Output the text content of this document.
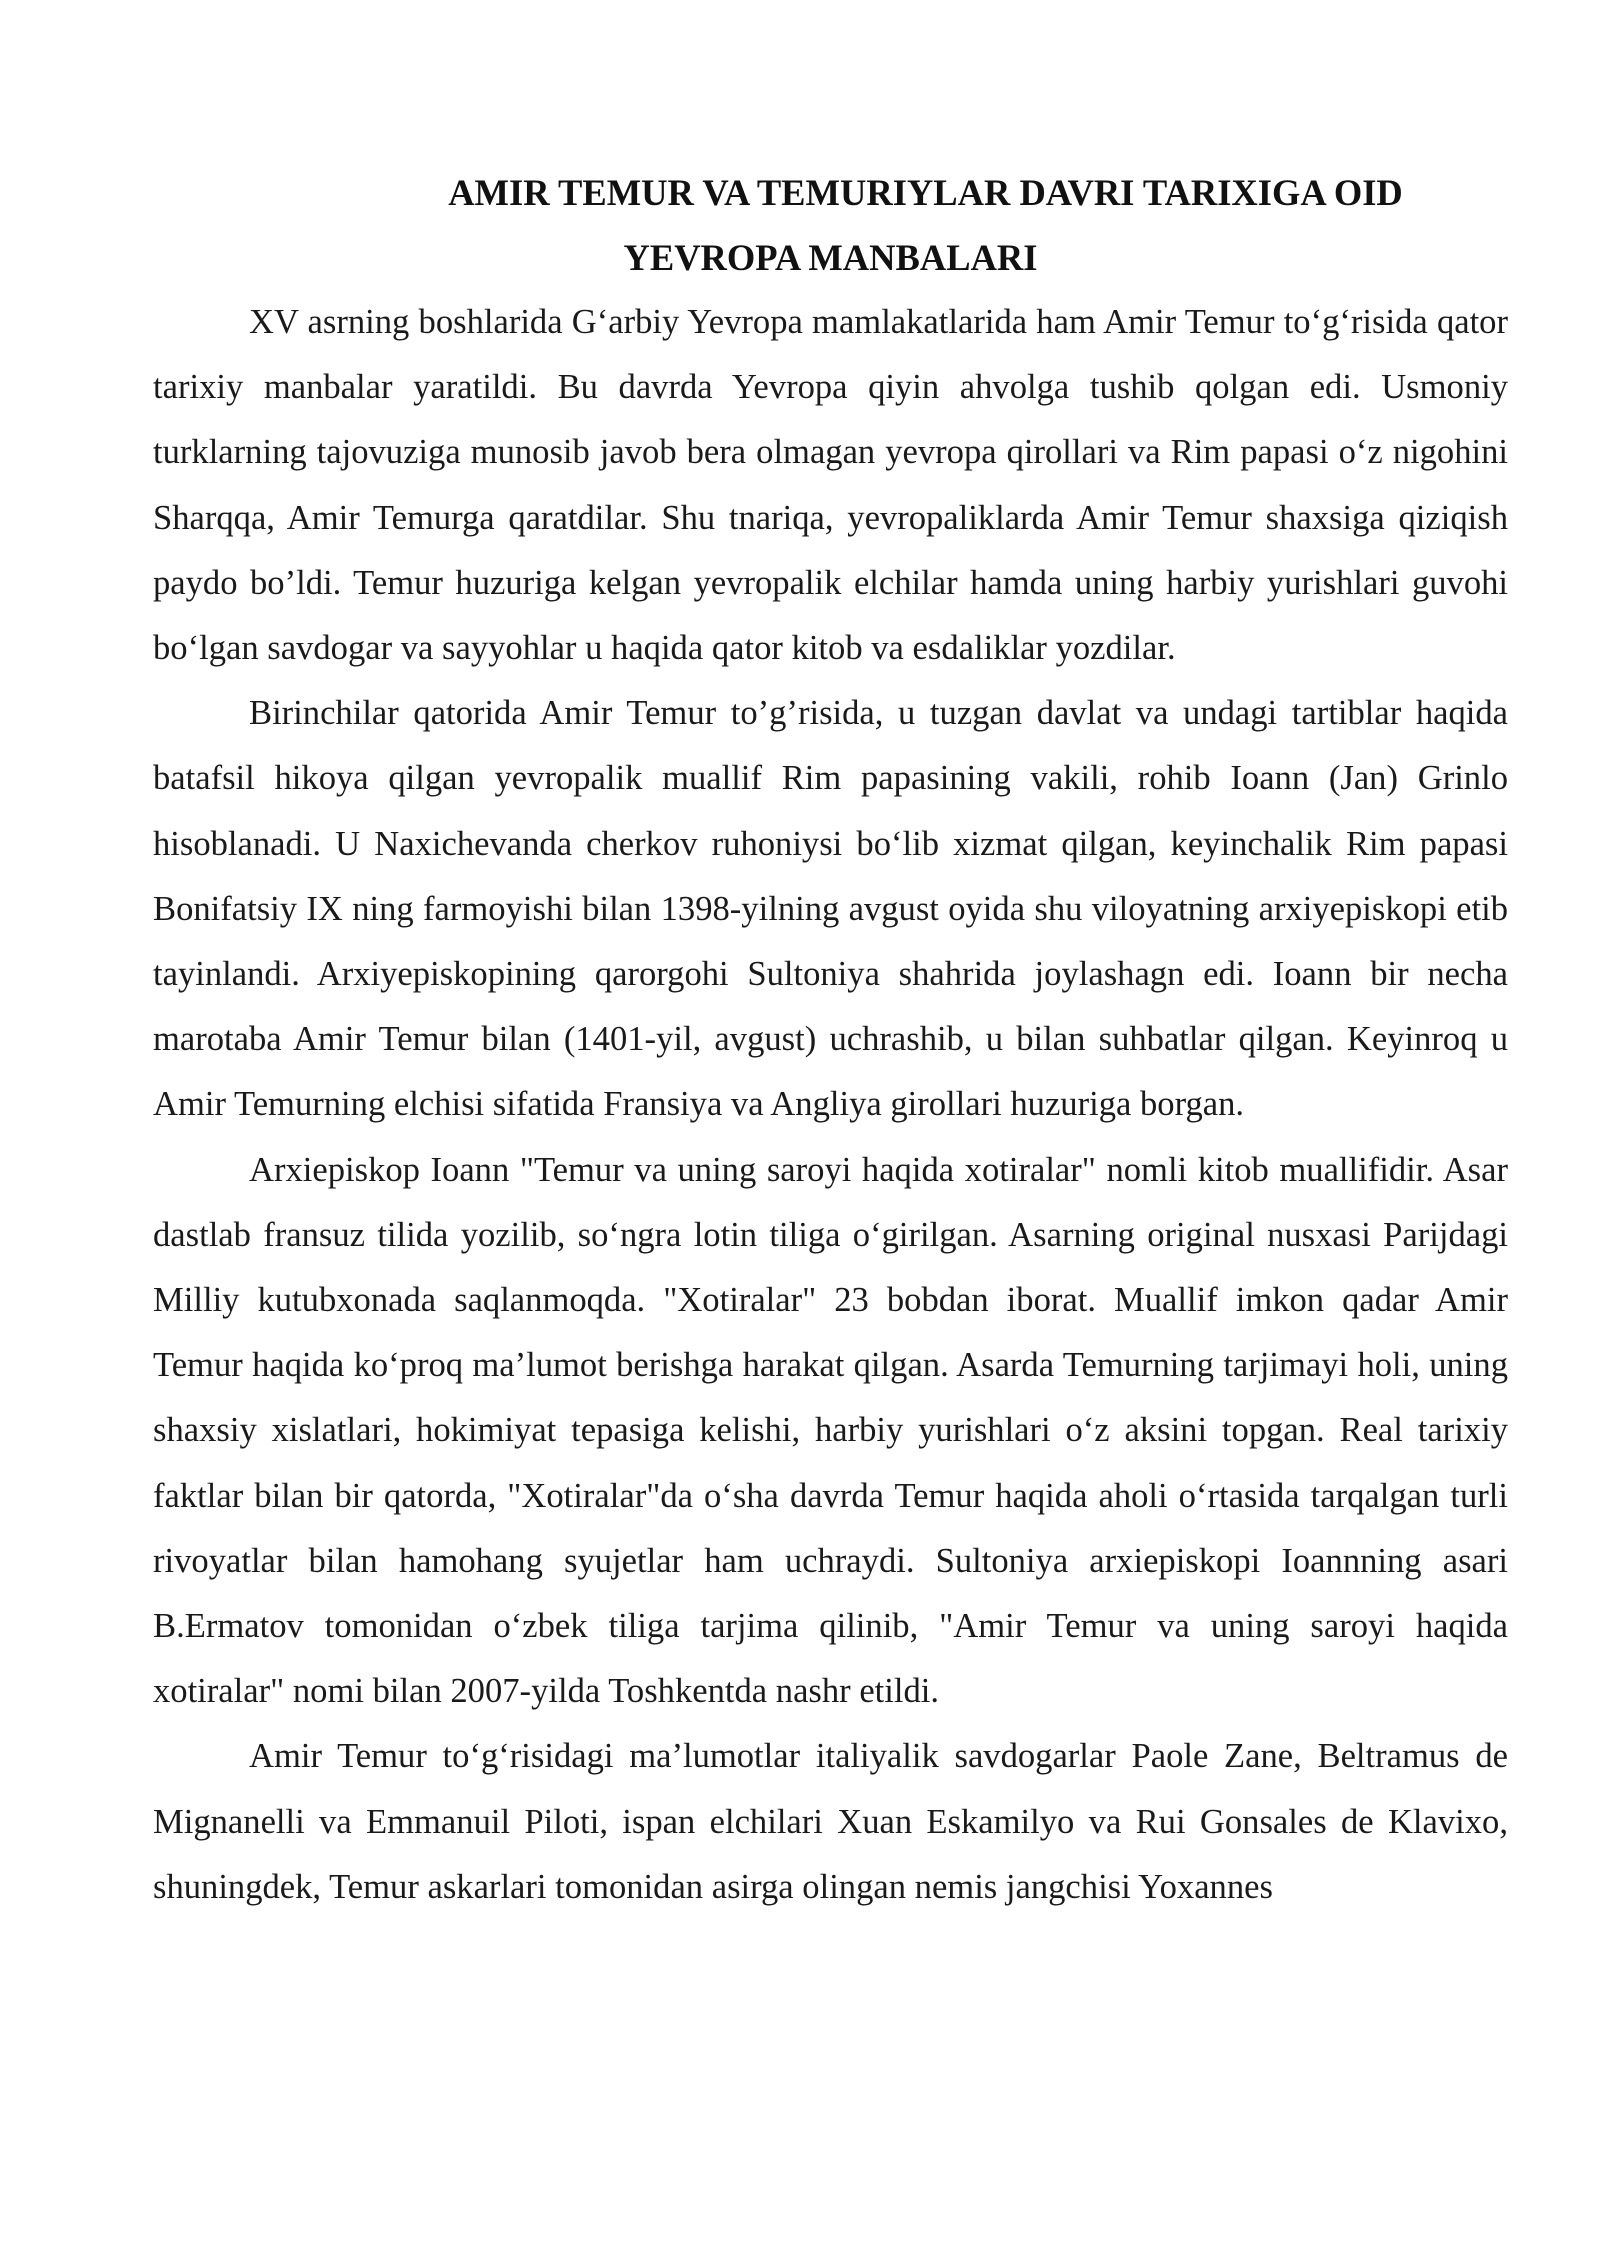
AMIR TEMUR VA TEMURIYLAR DAVRI TARIXIGA OID
YEVROPA MANBALARI

XV asrning boshlarida G‘arbiy Yevropa mamlakatlarida ham Amir Temur to‘g‘risida qator tarixiy manbalar yaratildi. Bu davrda Yevropa qiyin ahvolga tushib qolgan edi. Usmoniy turklarning tajovuziga munosib javob bera olmagan yevropa qirollari va Rim papasi o‘z nigohini Sharqqa, Amir Temurga qaratdilar. Shu tnariqa, yevropaliklarda Amir Temur shaxsiga qiziqish paydo bo’ldi. Temur huzuriga kelgan yevropalik elchilar hamda uning harbiy yurishlari guvohi bo‘lgan savdogar va sayyohlar u haqida qator kitob va esdaliklar yozdilar.

Birinchilar qatorida Amir Temur to’g’risida, u tuzgan davlat va undagi tartiblar haqida batafsil hikoya qilgan yevropalik muallif Rim papasining vakili, rohib Ioann (Jan) Grinlo hisoblanadi. U Naxichevanda cherkov ruhoniysi bo‘lib xizmat qilgan, keyinchalik Rim papasi Bonifatsiy IX ning farmoyishi bilan 1398-yilning avgust oyida shu viloyatning arxiyepiskopi etib tayinlandi. Arxiyepiskopining qarorgohi Sultoniya shahrida joylashagn edi. Ioann bir necha marotaba Amir Temur bilan (1401-yil, avgust) uchrashib, u bilan suhbatlar qilgan. Keyinroq u Amir Temurning elchisi sifatida Fransiya va Angliya girollari huzuriga borgan.

Arxiepiskop Ioann "Temur va uning saroyi haqida xotiralar" nomli kitob muallifidir. Asar dastlab fransuz tilida yozilib, so‘ngra lotin tiliga o‘girilgan. Asarning original nusxasi Parijdagi Milliy kutubxonada saqlanmoqda. "Xotiralar" 23 bobdan iborat. Muallif imkon qadar Amir Temur haqida ko‘proq ma’lumot berishga harakat qilgan. Asarda Temurning tarjimayi holi, uning shaxsiy xislatlari, hokimiyat tepasiga kelishi, harbiy yurishlari o‘z aksini topgan. Real tarixiy faktlar bilan bir qatorda, "Xotiralar"da o‘sha davrda Temur haqida aholi o‘rtasida tarqalgan turli rivoyatlar bilan hamohang syujetlar ham uchraydi. Sultoniya arxiepiskopi Ioannning asari B.Ermatov tomonidan o‘zbek tiliga tarjima qilinib, "Amir Temur va uning saroyi haqida xotiralar" nomi bilan 2007-yilda Toshkentda nashr etildi.

Amir Temur to‘g‘risidagi ma’lumotlar italiyalik savdogarlar Paole Zane, Beltramus de Mignanelli va Emmanuil Piloti, ispan elchilari Xuan Eskamilyo va Rui Gonsales de Klavixo, shuningdek, Temur askarlari tomonidan asirga olingan nemis jangchisi Yoxannes
